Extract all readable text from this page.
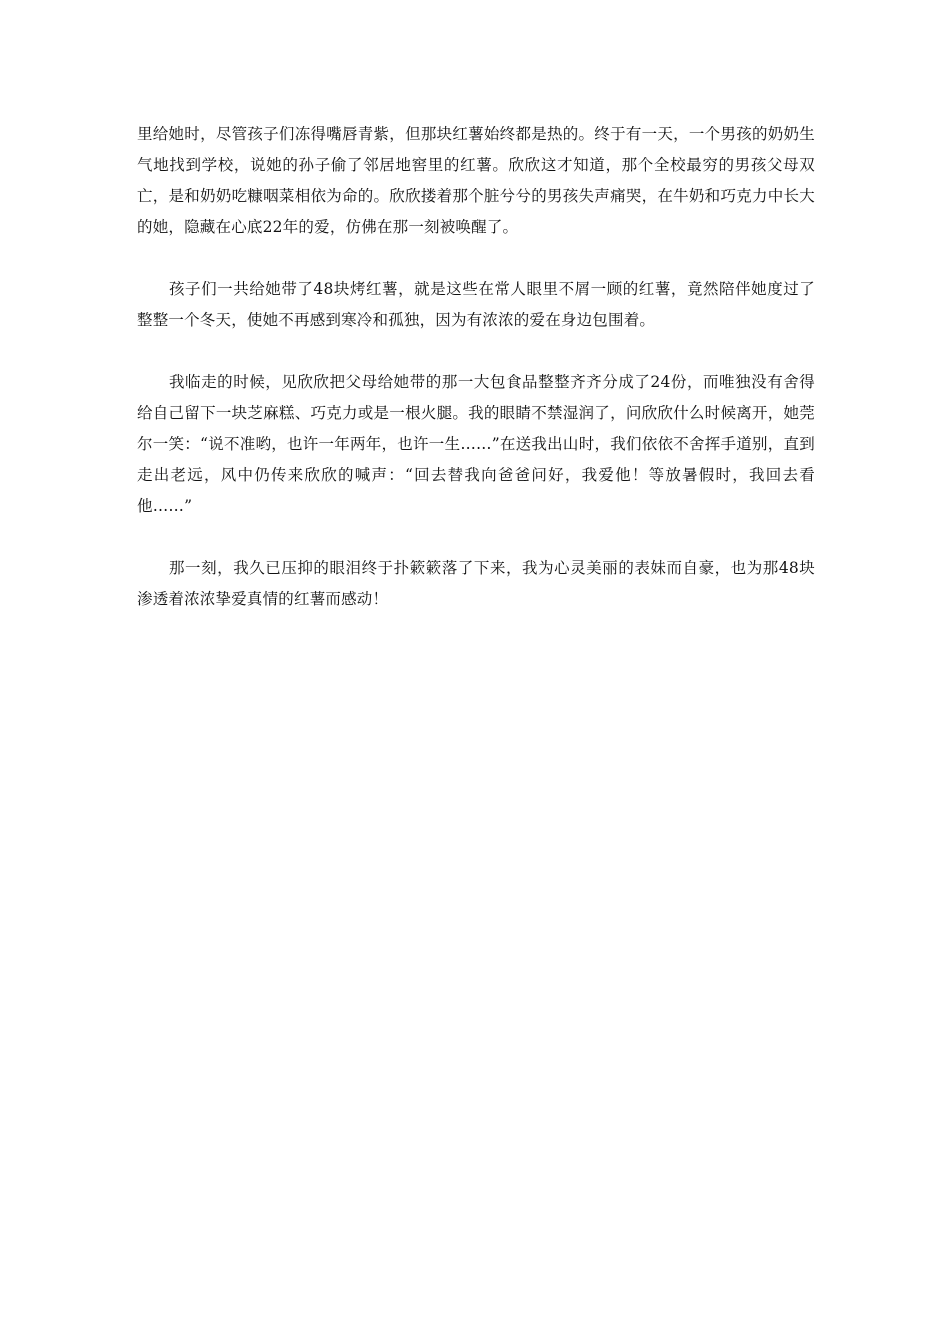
里给她时，尽管孩子们冻得嘴唇青紫，但那块红薯始终都是热的。终于有一天，一个男孩的奶奶生气地找到学校，说她的孙子偷了邻居地窖里的红薯。欣欣这才知道，那个全校最穷的男孩父母双亡，是和奶奶吃糠咽菜相依为命的。欣欣搂着那个脏兮兮的男孩失声痛哭，在牛奶和巧克力中长大的她，隐藏在心底22年的爱，仿佛在那一刻被唤醒了。

孩子们一共给她带了48块烤红薯，就是这些在常人眼里不屑一顾的红薯，竟然陪伴她度过了整整一个冬天，使她不再感到寒冷和孤独，因为有浓浓的爱在身边包围着。

我临走的时候，见欣欣把父母给她带的那一大包食品整整齐齐分成了24份，而唯独没有舍得给自己留下一块芝麻糕、巧克力或是一根火腿。我的眼睛不禁湿润了，问欣欣什么时候离开，她莞尔一笑：“说不准哟，也许一年两年，也许一生……”在送我出山时，我们依依不舍挥手道别，直到走出老远，风中仍传来欣欣的喊声：“回去替我向爸爸问好，我爱他！等放暑假时，我回去看他……”

那一刻，我久已压抑的眼泪终于扑簌簌落了下来，我为心灵美丽的表妹而自豪，也为那48块渗透着浓浓挚爱真情的红薯而感动！
